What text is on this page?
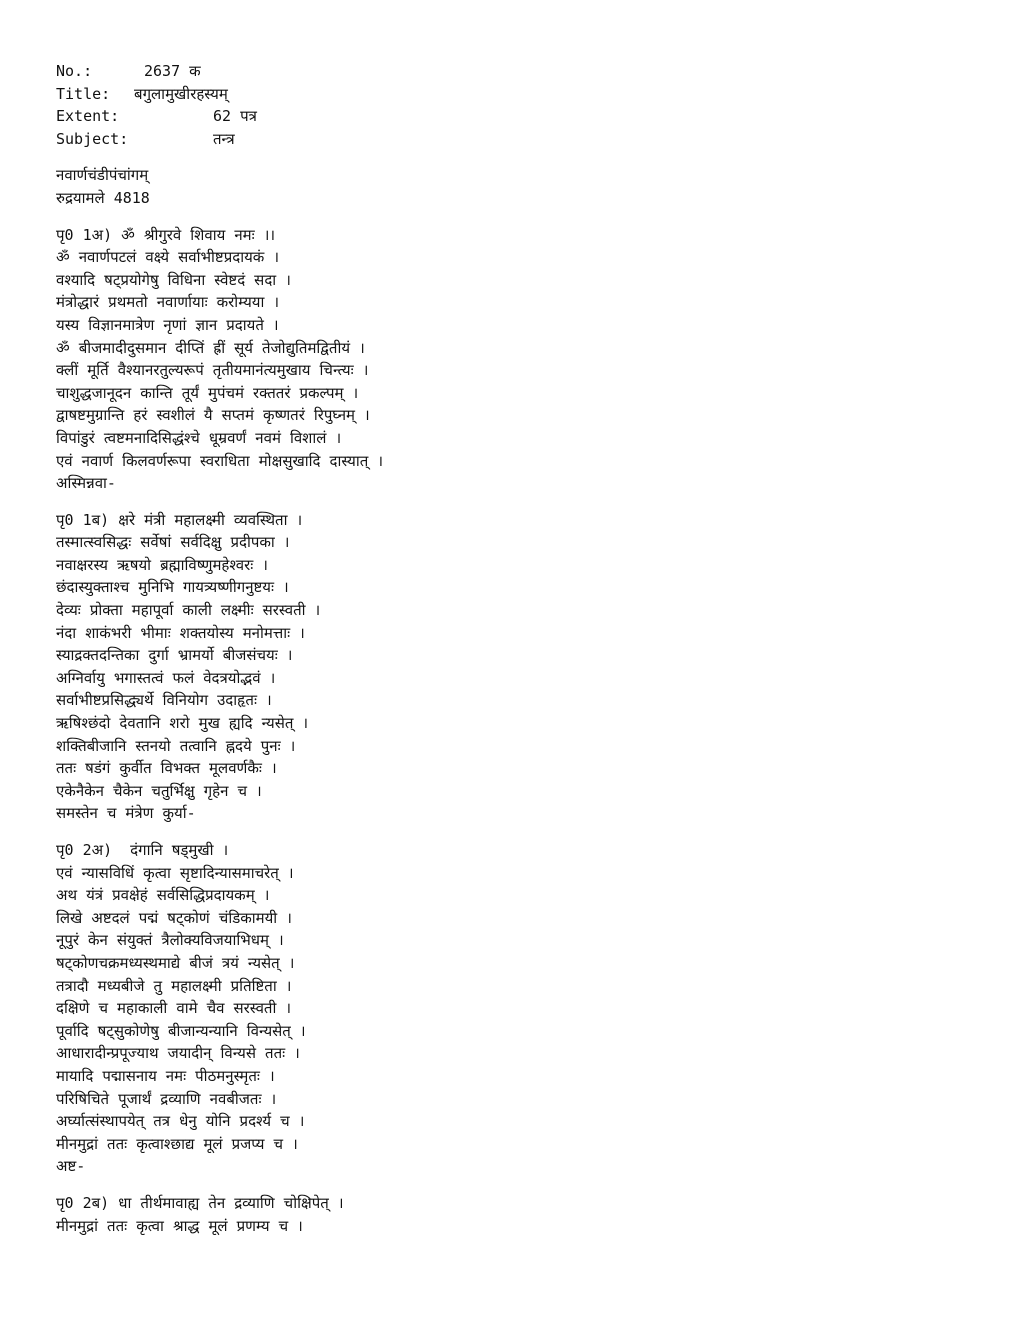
No.:	2637 क
Title:	बगुलामुखीरहस्यम्
Extent:	62 पत्र
Subject:	तन्त्र
नवार्णचंडीपंचांगम्
रुद्रयामले 4818
पृ0 1अ) ॐ श्रीगुरवे शिवाय नमः ।।
ॐ नवार्णपटलं वक्ष्ये सर्वाभीष्टप्रदायकं ।
वश्यादि षट्प्रयोगेषु विधिना स्वेष्टदं सदा ।
मंत्रोद्धारं प्रथमतो नवार्णायाः करोम्यया ।
यस्य विज्ञानमात्रेण नृणां ज्ञान प्रदायते ।
ॐ बीजमादीदुसमान दीप्तिं ह्रीं सूर्य तेजोद्युतिमद्वितीयं ।
क्लीं मूर्ति वैश्यानरतुल्यरूपं तृतीयमानंत्यमुखाय चिन्त्यः ।
चाशुद्धजानूदन कान्ति तूर्यं मुपंचमं रक्ततरं प्रकल्पम् ।
द्वाषष्टमुग्रान्ति हरं स्वशीलं यै सप्तमं कृष्णतरं रिपुघ्नम् ।
विपांडुरं त्वष्टमनादिसिद्धंश्चे धूम्रवर्णं नवमं विशालं ।
एवं नवार्ण किलवर्णरूपा स्वराधिता मोक्षसुखादि दास्यात् ।
अस्मिन्नवा-
पृ0 1ब) क्षरे मंत्री महालक्ष्मी व्यवस्थिता ।
तस्मात्स्वसिद्धः सर्वेषां सर्वदिक्षु प्रदीपका ।
नवाक्षरस्य ऋषयो ब्रह्माविष्णुमहेश्वरः ।
छंदास्युक्ताश्च मुनिभि गायत्र्यष्णीगनुष्टयः ।
देव्यः प्रोक्ता महापूर्वा काली लक्ष्मीः सरस्वती ।
नंदा शाकंभरी भीमाः शक्तयोस्य मनोमत्ताः ।
स्याद्रक्तदन्तिका दुर्गा भ्रामर्यो बीजसंचयः ।
अग्निर्वायु भगास्तत्वं फलं वेदत्रयोद्भवं ।
सर्वाभीष्टप्रसिद्ध्यर्थे विनियोग उदाहृतः ।
ऋषिश्छंदो देवतानि शरो मुख ह्यदि न्यसेत् ।
शक्तिबीजानि स्तनयो तत्वानि ह्नदये पुनः ।
ततः षडंगं कुर्वीत विभक्त मूलवर्णकैः ।
एकेनैकेन चैकेन चतुर्भिक्षु गृहेन च ।
समस्तेन च मंत्रेण कुर्या-
पृ0 2अ)  दंगानि षड्मुखी ।
एवं न्यासविधिं कृत्वा सृष्टादिन्यासमाचरेत् ।
अथ यंत्रं प्रवक्षेहं सर्वसिद्धिप्रदायकम् ।
लिखे अष्टदलं पद्मं षट्कोणं चंडिकामयी ।
नूपुरं केन संयुक्तं त्रैलोक्यविजयाभिधम् ।
षट्कोणचक्रमध्यस्थमाद्ये बीजं त्रयं न्यसेत् ।
तत्रादौ मध्यबीजे तु महालक्ष्मी प्रतिष्टिता ।
दक्षिणे च महाकाली वामे चैव सरस्वती ।
पूर्वादि षट्सुकोणेषु बीजान्यन्यानि विन्यसेत् ।
आधारादीन्प्रपूज्याथ जयादीन् विन्यसे ततः ।
मायादि पद्मासनाय नमः पीठमनुस्मृतः ।
परिषिचिते पूजार्थं द्रव्याणि नवबीजतः ।
अर्घ्यात्संस्थापयेत् तत्र धेनु योनि प्रदर्श्य च ।
मीनमुद्रां ततः कृत्वाश्छाद्य मूलं प्रजप्य च ।
अष्ट-
पृ0 2ब) धा तीर्थमावाह्य तेन द्रव्याणि चोक्षिपेत् ।
मीनमुद्रां ततः कृत्वा श्राद्ध मूलं प्रणम्य च ।
